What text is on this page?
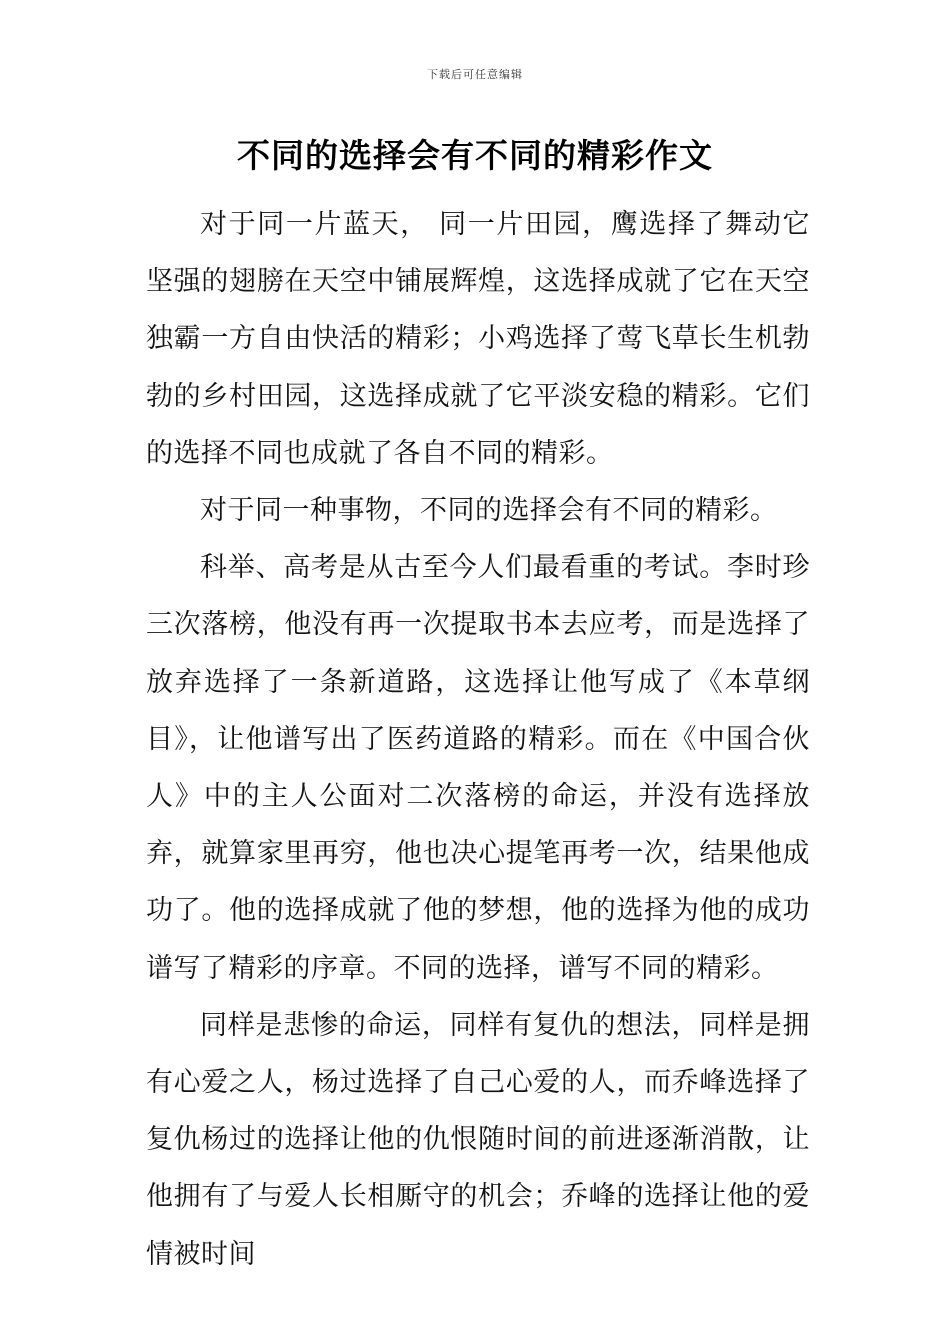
下载后可任意编辑
不同的选择会有不同的精彩作文

对于同一片蓝天， 同一片田园，鹰选择了舞动它坚强的翅膀在天空中铺展辉煌，这选择成就了它在天空独霸一方自由快活的精彩；小鸡选择了莺飞草长生机勃勃的乡村田园，这选择成就了它平淡安稳的精彩。它们的选择不同也成就了各自不同的精彩。

对于同一种事物，不同的选择会有不同的精彩。

科举、高考是从古至今人们最看重的考试。李时珍三次落榜，他没有再一次提取书本去应考，而是选择了放弃选择了一条新道路，这选择让他写成了《本草纲目》，让他谱写出了医药道路的精彩。而在《中国合伙人》中的主人公面对二次落榜的命运，并没有选择放弃，就算家里再穷，他也决心提笔再考一次，结果他成功了。他的选择成就了他的梦想，他的选择为他的成功谱写了精彩的序章。不同的选择，谱写不同的精彩。

同样是悲惨的命运，同样有复仇的想法，同样是拥有心爱之人，杨过选择了自己心爱的人，而乔峰选择了复仇杨过的选择让他的仇恨随时间的前进逐渐消散，让他拥有了与爱人长相厮守的机会；乔峰的选择让他的爱情被时间
